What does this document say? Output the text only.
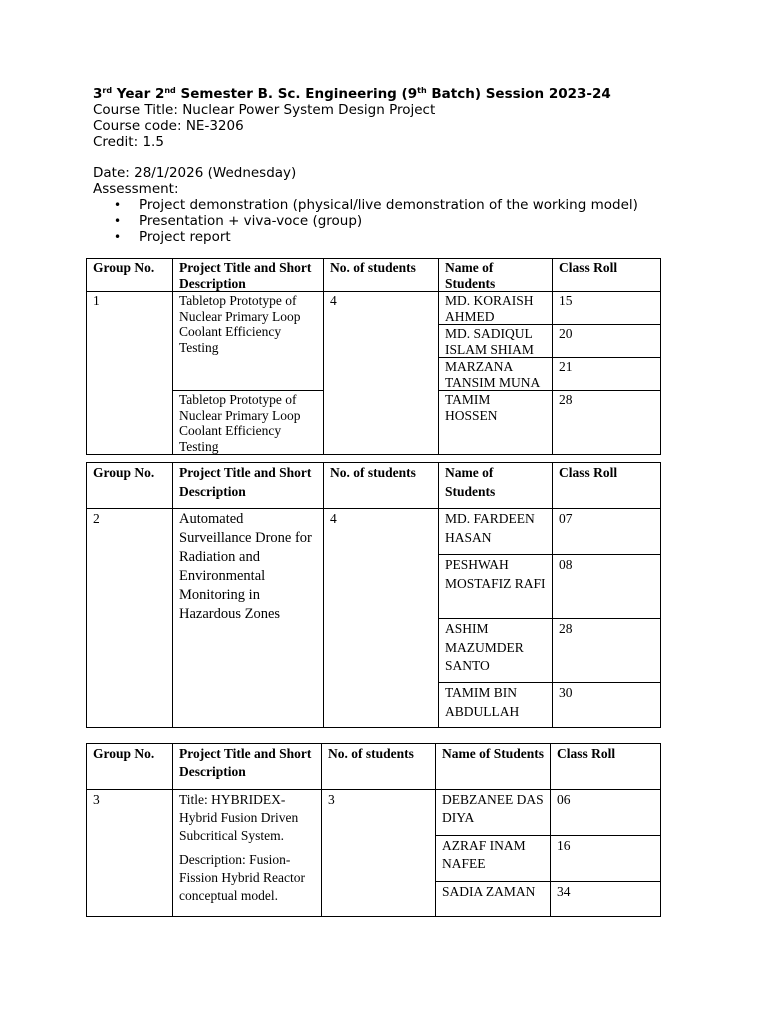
3rd Year 2nd Semester B. Sc. Engineering (9th Batch) Session 2023-24
Course Title: Nuclear Power System Design Project
Course code: NE-3206
Credit: 1.5
Date: 28/1/2026 (Wednesday)
Assessment:
• Project demonstration (physical/live demonstration of the working model)
• Presentation + viva-voce (group)
• Project report
Group No.	Project Title and Short Description	No. of students	Name of Students	Class Roll
1	Tabletop Prototype of Nuclear Primary Loop Coolant Efficiency Testing	4	MD. KORAISH AHMED	15
			MD. SADIQUL ISLAM SHIAM	20
			MARZANA TANSIM MUNA	21
	Tabletop Prototype of Nuclear Primary Loop Coolant Efficiency Testing		TAMIM HOSSEN	28
Group No.	Project Title and Short Description	No. of students	Name of Students	Class Roll
2	Automated Surveillance Drone for Radiation and Environmental Monitoring in Hazardous Zones	4	MD. FARDEEN HASAN	07
			PESHWAH MOSTAFIZ RAFI	08
			ASHIM MAZUMDER SANTO	28
			TAMIM BIN ABDULLAH	30
Group No.	Project Title and Short Description	No. of students	Name of Students	Class Roll
3	Title: HYBRIDEX- Hybrid Fusion Driven Subcritical System.
Description: Fusion-Fission Hybrid Reactor conceptual model.	3	DEBZANEE DAS DIYA	06
			AZRAF INAM NAFEE	16
			SADIA ZAMAN	34
